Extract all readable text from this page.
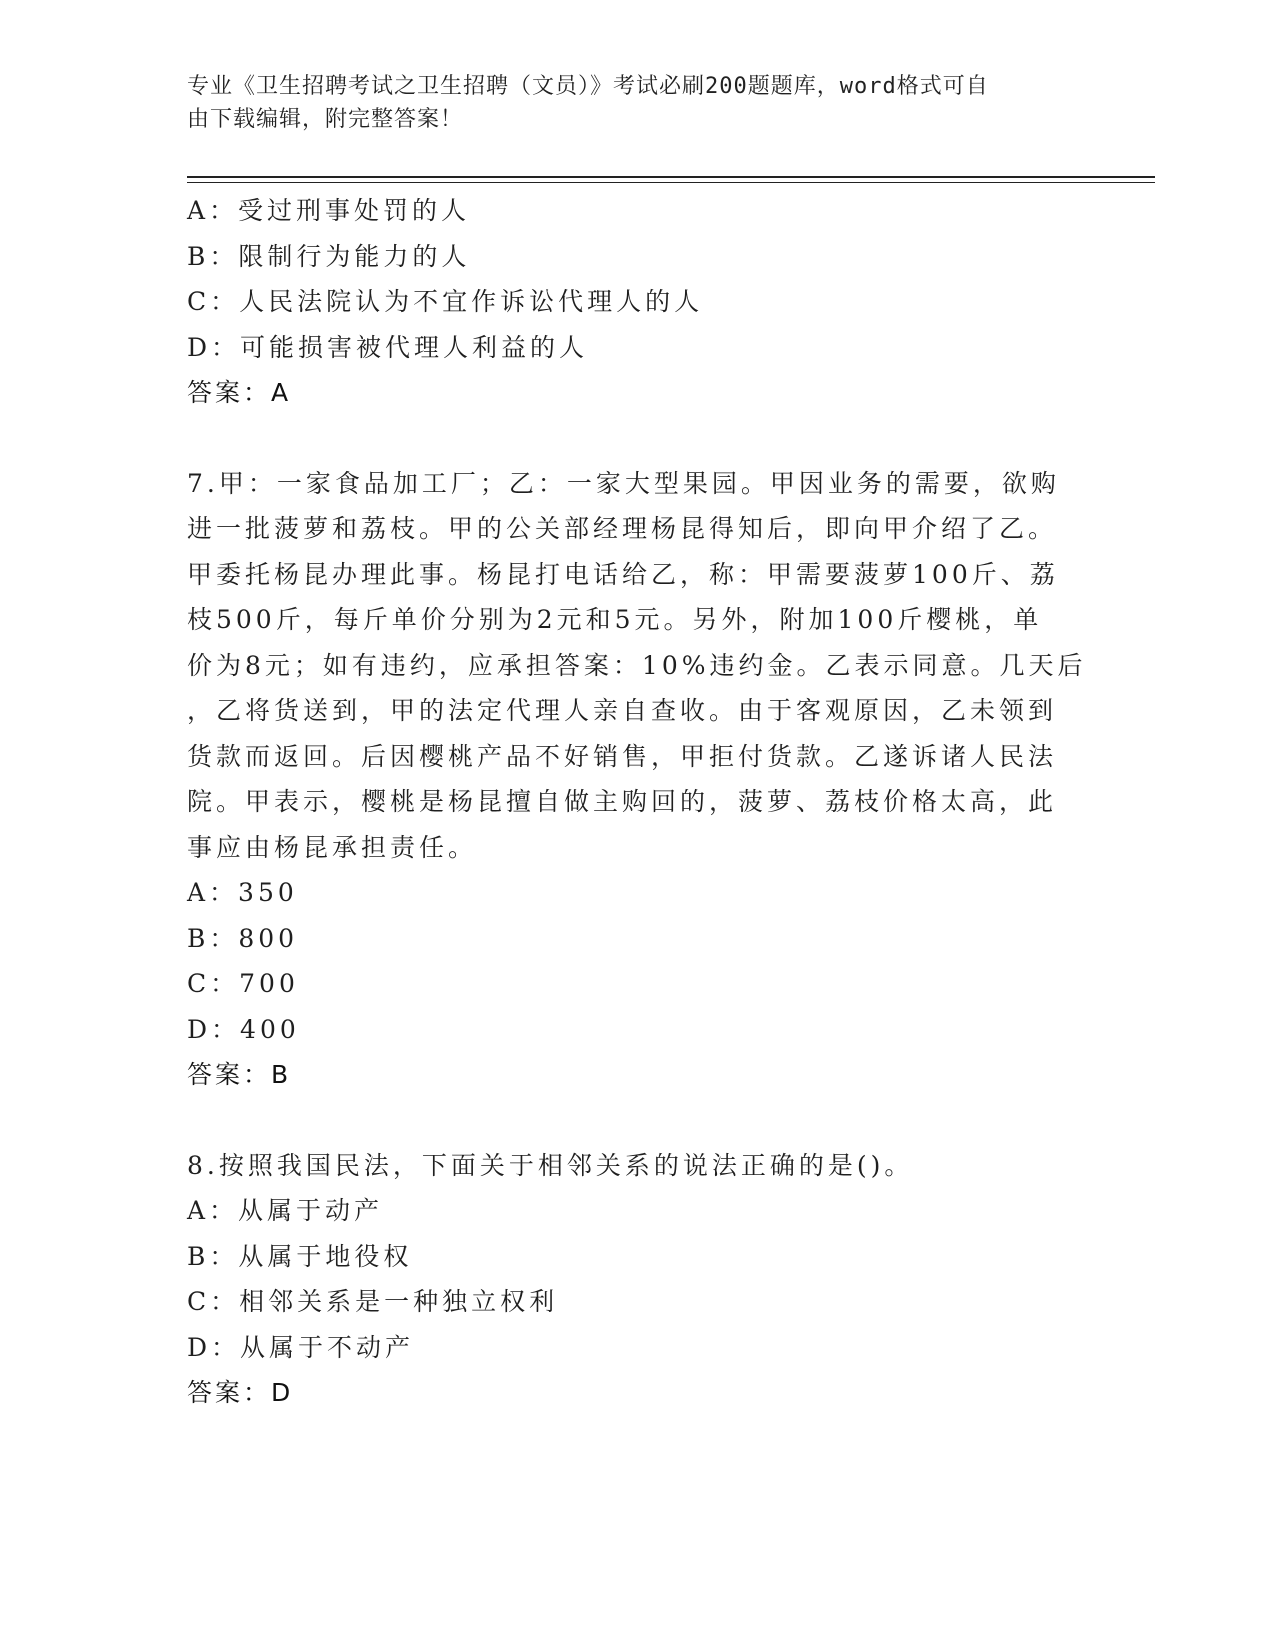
专业《卫生招聘考试之卫生招聘（文员）》考试必刷200题题库，word格式可自
由下载编辑，附完整答案！
A：受过刑事处罚的人
B：限制行为能力的人
C：人民法院认为不宜作诉讼代理人的人
D：可能损害被代理人利益的人
答案：A
7.甲：一家食品加工厂；乙：一家大型果园。甲因业务的需要，欲购
进一批菠萝和荔枝。甲的公关部经理杨昆得知后，即向甲介绍了乙。
甲委托杨昆办理此事。杨昆打电话给乙，称：甲需要菠萝100斤、荔
枝500斤，每斤单价分别为2元和5元。另外，附加100斤樱桃，单
价为8元；如有违约，应承担答案：10%违约金。乙表示同意。几天后
，乙将货送到，甲的法定代理人亲自查收。由于客观原因，乙未领到
货款而返回。后因樱桃产品不好销售，甲拒付货款。乙遂诉诸人民法
院。甲表示，樱桃是杨昆擅自做主购回的，菠萝、荔枝价格太高，此
事应由杨昆承担责任。
A：350
B：800
C：700
D：400
答案：B
8.按照我国民法，下面关于相邻关系的说法正确的是()。
A：从属于动产
B：从属于地役权
C：相邻关系是一种独立权利
D：从属于不动产
答案：D
